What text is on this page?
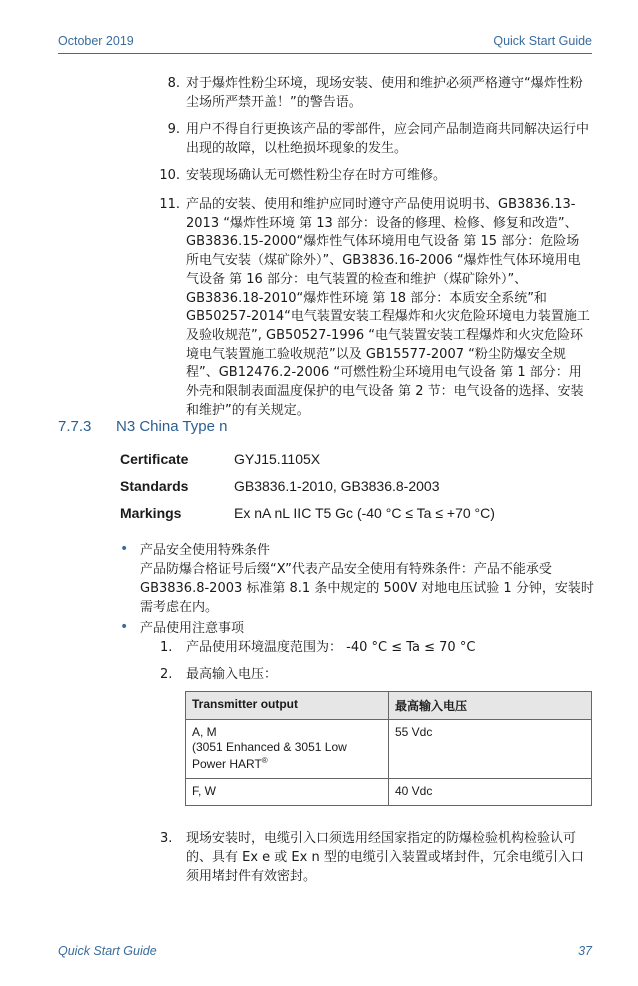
October 2019	Quick Start Guide
8. 对于爆炸性粉尘环境，现场安装、使用和维护必须严格遵守“爆炸性粉尘场所严禁开盖！”的警告语。
9. 用户不得自行更换该产品的零部件，应会同产品制造商共同解决运行中出现的故障，以杜绝损坏现象的发生。
10. 安装现场确认无可燃性粉尘存在时方可维修。
11. 产品的安装、使用和维护应同时遵守产品使用说明书、GB3836.13-2013 “爆炸性环境 第 13 部分：设备的修理、检修、修复和改造”、GB3836.15-2000“爆炸性气体环境用电气设备 第 15 部分：危险场所电气安装（煤矿除外）”、GB3836.16-2006 “爆炸性气体环境用电气设备 第 16 部分：电气装置的检查和维护（煤矿除外）”、GB3836.18-2010“爆炸性环境 第 18 部分：本质安全系统”和 GB50257-2014“电气装置安装工程爆炸和火灾危险环境电力装置施工及验收规范”, GB50527-1996 “电气装置安装工程爆炸和火灾危险环境电气装置施工验收规范”以及 GB15577-2007 “粉尘防爆安全规程”、GB12476.2-2006 “可燃性粉尘环境用电气设备 第 1 部分：用外壳和限制表面温度保护的电气设备 第 2 节：电气设备的选择、安装和维护”的有关规定。
7.7.3 N3 China Type n
Certificate	GYJ15.1105X
Standards	GB3836.1-2010, GB3836.8-2003
Markings	Ex nA nL IIC T5 Gc (-40 °C ≤ Ta ≤ +70 °C)
• 产品安全使用特殊条件
产品防爆合格证号后缀“X”代表产品安全使用有特殊条件：产品不能承受 GB3836.8-2003 标准第 8.1 条中规定的 500V 对地电压试验 1 分钟，安装时需考虑在内。
• 产品使用注意事项
1. 产品使用环境温度范围为： -40 °C ≤ Ta ≤ 70 °C
2. 最高输入电压：
Transmitter output	最高输入电压

A, M
(3051 Enhanced & 3051 Low
Power HART®	55 Vdc
F, W	40 Vdc
3. 现场安装时，电缆引入口须选用经国家指定的防爆检验机构检验认可的、具有 Ex e 或 Ex n 型的电缆引入装置或堵封件，冗余电缆引入口须用堵封件有效密封。
Quick Start Guide	37
